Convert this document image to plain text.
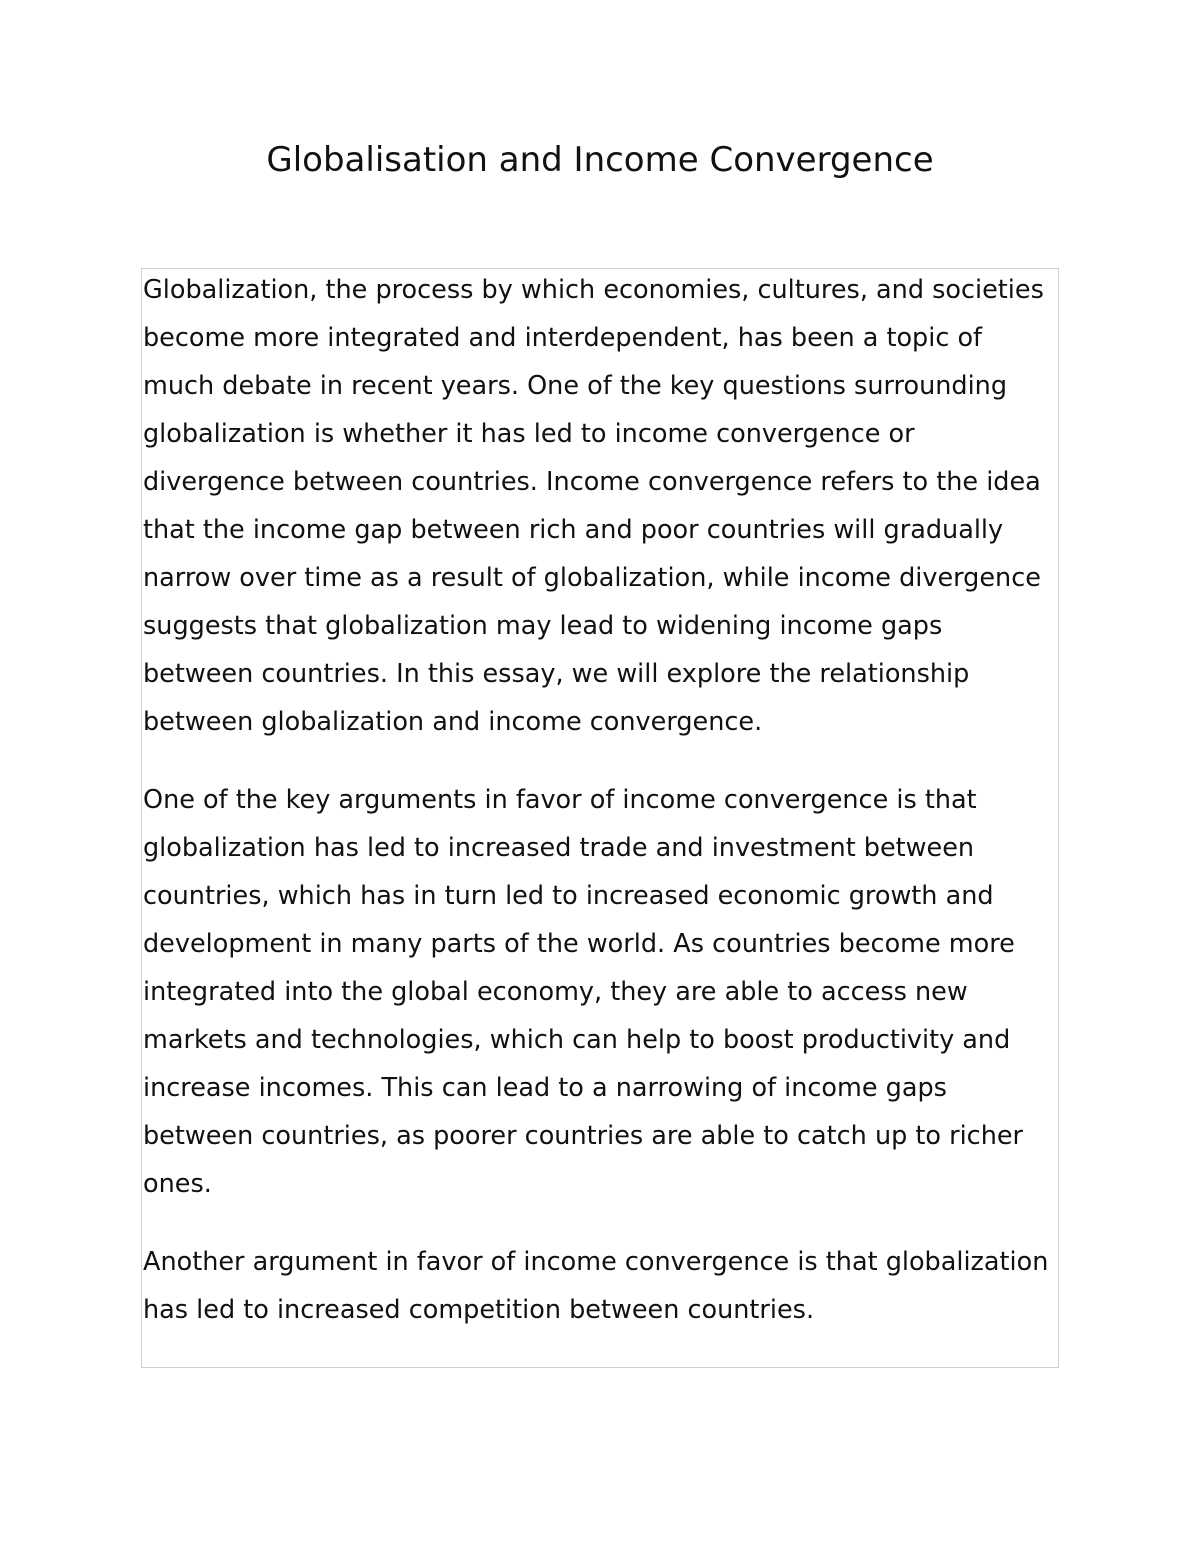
Globalisation and Income Convergence

Globalization, the process by which economies, cultures, and societies become more integrated and interdependent, has been a topic of much debate in recent years. One of the key questions surrounding globalization is whether it has led to income convergence or divergence between countries. Income convergence refers to the idea that the income gap between rich and poor countries will gradually narrow over time as a result of globalization, while income divergence suggests that globalization may lead to widening income gaps between countries. In this essay, we will explore the relationship between globalization and income convergence.

One of the key arguments in favor of income convergence is that globalization has led to increased trade and investment between countries, which has in turn led to increased economic growth and development in many parts of the world. As countries become more integrated into the global economy, they are able to access new markets and technologies, which can help to boost productivity and increase incomes. This can lead to a narrowing of income gaps between countries, as poorer countries are able to catch up to richer ones.

Another argument in favor of income convergence is that globalization has led to increased competition between countries.
